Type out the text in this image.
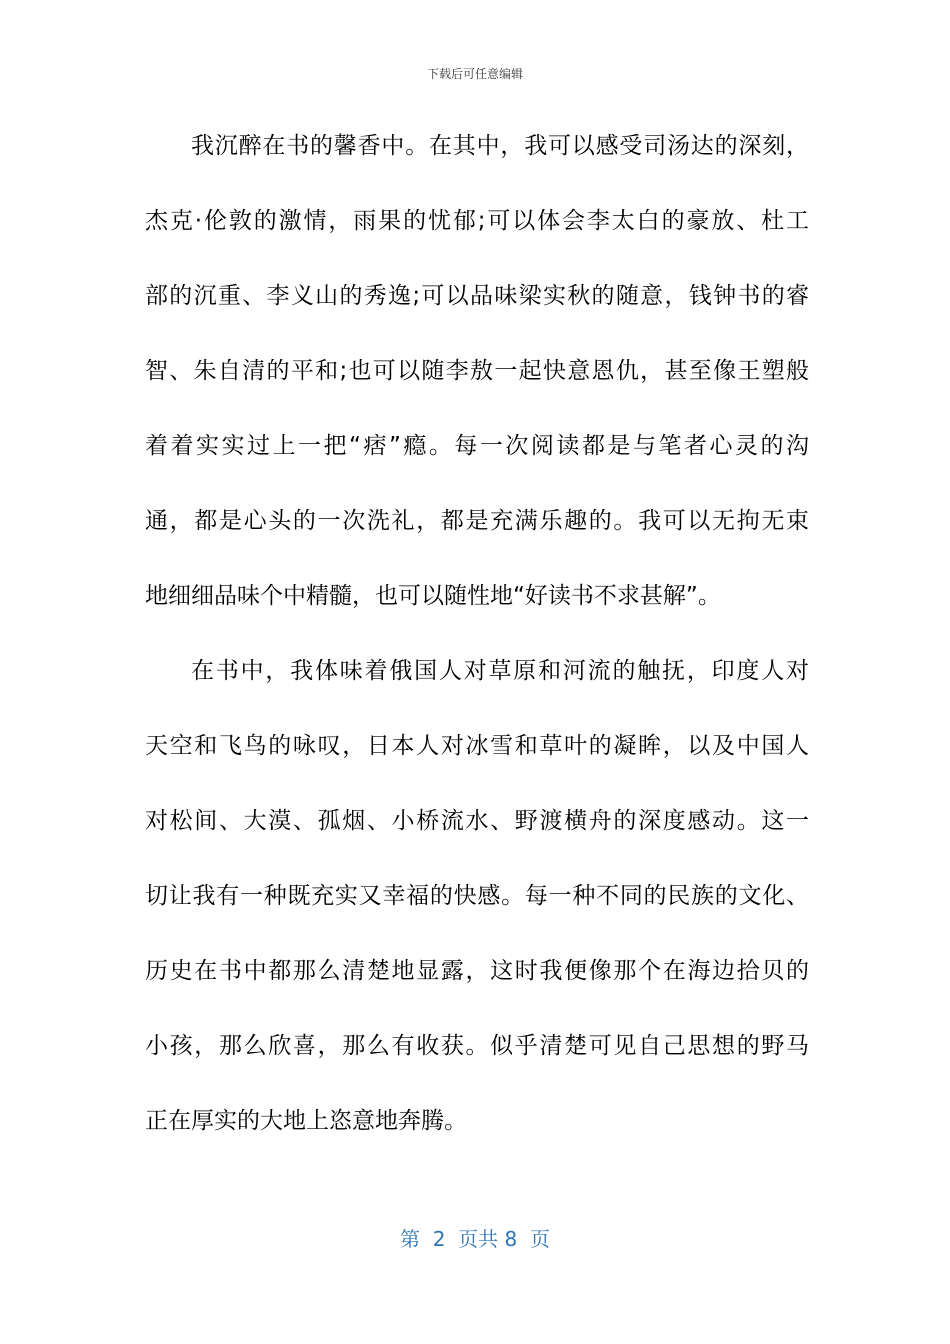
下载后可任意编辑
我沉醉在书的馨香中。在其中，我可以感受司汤达的深刻，
杰克·伦敦的激情，雨果的忧郁;可以体会李太白的豪放、杜工
部的沉重、李义山的秀逸;可以品味梁实秋的随意，钱钟书的睿
智、朱自清的平和;也可以随李敖一起快意恩仇，甚至像王塑般
着着实实过上一把“痞”瘾。每一次阅读都是与笔者心灵的沟
通，都是心头的一次洗礼，都是充满乐趣的。我可以无拘无束
地细细品味个中精髓，也可以随性地“好读书不求甚解”。
在书中，我体味着俄国人对草原和河流的触抚，印度人对
天空和飞鸟的咏叹，日本人对冰雪和草叶的凝眸，以及中国人
对松间、大漠、孤烟、小桥流水、野渡横舟的深度感动。这一
切让我有一种既充实又幸福的快感。每一种不同的民族的文化、
历史在书中都那么清楚地显露，这时我便像那个在海边拾贝的
小孩，那么欣喜，那么有收获。似乎清楚可见自己思想的野马
正在厚实的大地上恣意地奔腾。
第  2  页共 8  页
